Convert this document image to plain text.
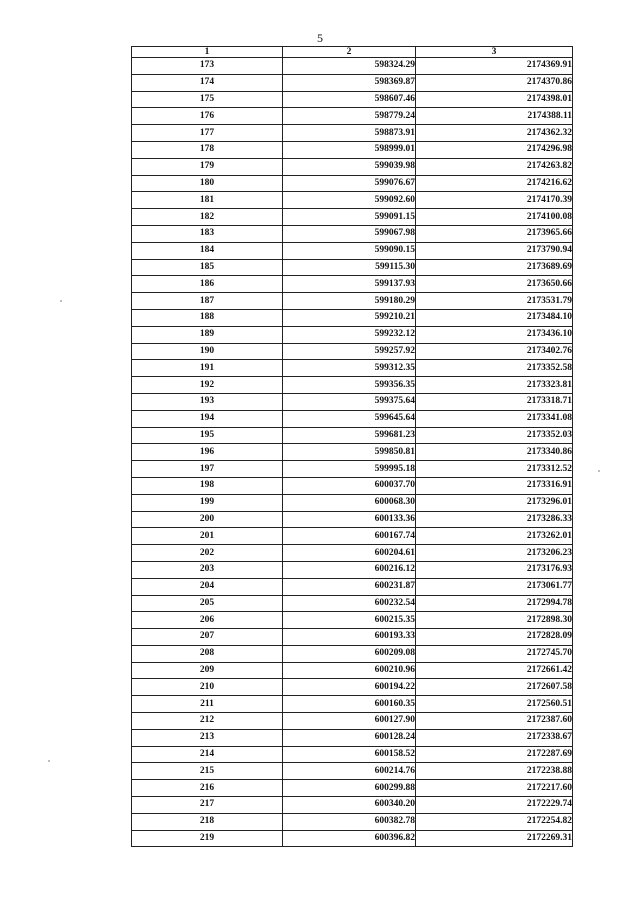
5
1	2	3
173	598324.29	2174369.91
174	598369.87	2174370.86
175	598607.46	2174398.01
176	598779.24	2174388.11
177	598873.91	2174362.32
178	598999.01	2174296.98
179	599039.98	2174263.82
180	599076.67	2174216.62
181	599092.60	2174170.39
182	599091.15	2174100.08
183	599067.98	2173965.66
184	599090.15	2173790.94
185	599115.30	2173689.69
186	599137.93	2173650.66
187	599180.29	2173531.79
188	599210.21	2173484.10
189	599232.12	2173436.10
190	599257.92	2173402.76
191	599312.35	2173352.58
192	599356.35	2173323.81
193	599375.64	2173318.71
194	599645.64	2173341.08
195	599681.23	2173352.03
196	599850.81	2173340.86
197	599995.18	2173312.52
198	600037.70	2173316.91
199	600068.30	2173296.01
200	600133.36	2173286.33
201	600167.74	2173262.01
202	600204.61	2173206.23
203	600216.12	2173176.93
204	600231.87	2173061.77
205	600232.54	2172994.78
206	600215.35	2172898.30
207	600193.33	2172828.09
208	600209.08	2172745.70
209	600210.96	2172661.42
210	600194.22	2172607.58
211	600160.35	2172560.51
212	600127.90	2172387.60
213	600128.24	2172338.67
214	600158.52	2172287.69
215	600214.76	2172238.88
216	600299.88	2172217.60
217	600340.20	2172229.74
218	600382.78	2172254.82
219	600396.82	2172269.31
